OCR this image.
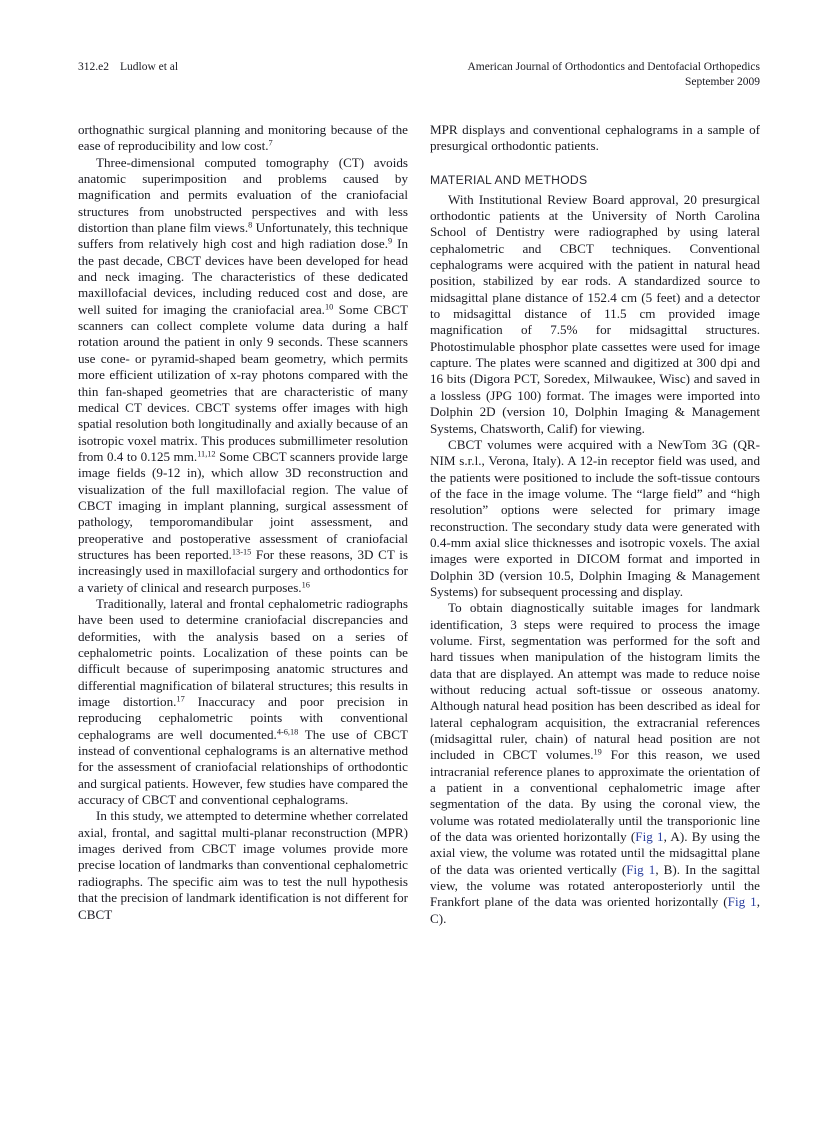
312.e2 Ludlow et al	American Journal of Orthodontics and Dentofacial Orthopedics
September 2009

orthognathic surgical planning and monitoring because of the ease of reproducibility and low cost.$^7$

Three-dimensional computed tomography (CT) avoids anatomic superimposition and problems caused by magnification and permits evaluation of the craniofacial structures from unobstructed perspectives and with less distortion than plane film views.$^8$ Unfortunately, this technique suffers from relatively high cost and high radiation dose.$^9$ In the past decade, CBCT devices have been developed for head and neck imaging. The characteristics of these dedicated maxillofacial devices, including reduced cost and dose, are well suited for imaging the craniofacial area.$^{10}$ Some CBCT scanners can collect complete volume data during a half rotation around the patient in only 9 seconds. These scanners use cone- or pyramid-shaped beam geometry, which permits more efficient utilization of x-ray photons compared with the thin fan-shaped geometries that are characteristic of many medical CT devices. CBCT systems offer images with high spatial resolution both longitudinally and axially because of an isotropic voxel matrix. This produces submillimeter resolution from 0.4 to 0.125 mm.$^{11,12}$ Some CBCT scanners provide large image fields (9-12 in), which allow 3D reconstruction and visualization of the full maxillofacial region. The value of CBCT imaging in implant planning, surgical assessment of pathology, temporomandibular joint assessment, and preoperative and postoperative assessment of craniofacial structures has been reported.$^{13-15}$ For these reasons, 3D CT is increasingly used in maxillofacial surgery and orthodontics for a variety of clinical and research purposes.$^{16}$

Traditionally, lateral and frontal cephalometric radiographs have been used to determine craniofacial discrepancies and deformities, with the analysis based on a series of cephalometric points. Localization of these points can be difficult because of superimposing anatomic structures and differential magnification of bilateral structures; this results in image distortion.$^{17}$ Inaccuracy and poor precision in reproducing cephalometric points with conventional cephalograms are well documented.$^{4-6,18}$ The use of CBCT instead of conventional cephalograms is an alternative method for the assessment of craniofacial relationships of orthodontic and surgical patients. However, few studies have compared the accuracy of CBCT and conventional cephalograms.

In this study, we attempted to determine whether correlated axial, frontal, and sagittal multi-planar reconstruction (MPR) images derived from CBCT image volumes provide more precise location of landmarks than conventional cephalometric radiographs. The specific aim was to test the null hypothesis that the precision of landmark identification is not different for CBCT

MPR displays and conventional cephalograms in a sample of presurgical orthodontic patients.

MATERIAL AND METHODS

With Institutional Review Board approval, 20 presurgical orthodontic patients at the University of North Carolina School of Dentistry were radiographed by using lateral cephalometric and CBCT techniques. Conventional cephalograms were acquired with the patient in natural head position, stabilized by ear rods. A standardized source to midsagittal plane distance of 152.4 cm (5 feet) and a detector to midsagittal distance of 11.5 cm provided image magnification of 7.5% for midsagittal structures. Photostimulable phosphor plate cassettes were used for image capture. The plates were scanned and digitized at 300 dpi and 16 bits (Digora PCT, Soredex, Milwaukee, Wisc) and saved in a lossless (JPG 100) format. The images were imported into Dolphin 2D (version 10, Dolphin Imaging & Management Systems, Chatsworth, Calif) for viewing.

CBCT volumes were acquired with a NewTom 3G (QR-NIM s.r.l., Verona, Italy). A 12-in receptor field was used, and the patients were positioned to include the soft-tissue contours of the face in the image volume. The “large field” and “high resolution” options were selected for primary image reconstruction. The secondary study data were generated with 0.4-mm axial slice thicknesses and isotropic voxels. The axial images were exported in DICOM format and imported in Dolphin 3D (version 10.5, Dolphin Imaging & Management Systems) for subsequent processing and display.

To obtain diagnostically suitable images for landmark identification, 3 steps were required to process the image volume. First, segmentation was performed for the soft and hard tissues when manipulation of the histogram limits the data that are displayed. An attempt was made to reduce noise without reducing actual soft-tissue or osseous anatomy. Although natural head position has been described as ideal for lateral cephalogram acquisition, the extracranial references (midsagittal ruler, chain) of natural head position are not included in CBCT volumes.$^{19}$ For this reason, we used intracranial reference planes to approximate the orientation of a patient in a conventional cephalometric image after segmentation of the data. By using the coronal view, the volume was rotated mediolaterally until the transporionic line of the data was oriented horizontally (Fig 1, A). By using the axial view, the volume was rotated until the midsagittal plane of the data was oriented vertically (Fig 1, B). In the sagittal view, the volume was rotated anteroposteriorly until the Frankfort plane of the data was oriented horizontally (Fig 1, C).
